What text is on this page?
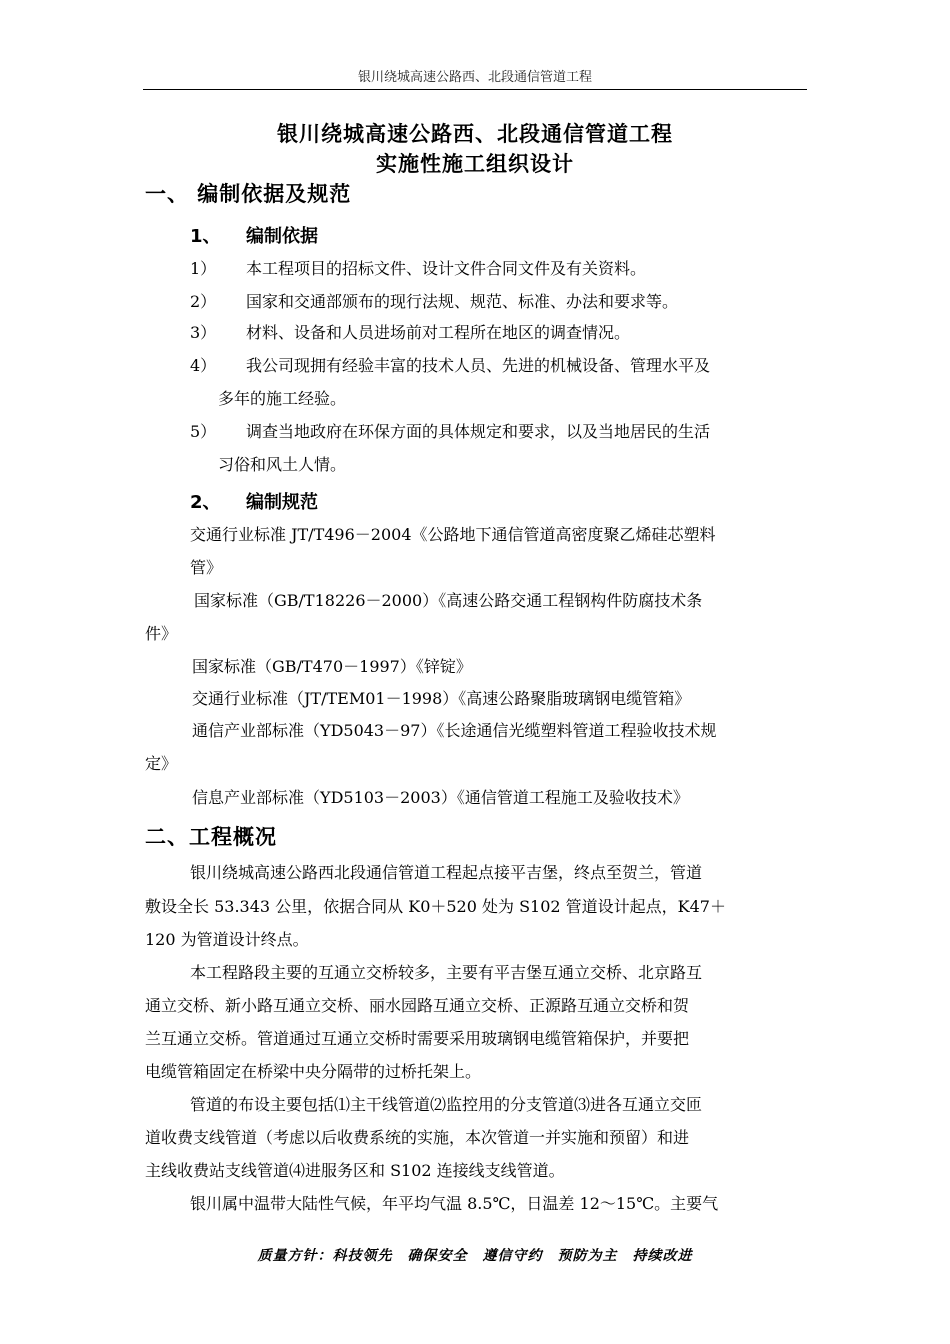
银川绕城高速公路西、北段通信管道工程
银川绕城高速公路西、北段通信管道工程
实施性施工组织设计
一、 编制依据及规范
1、 编制依据
1） 本工程项目的招标文件、设计文件合同文件及有关资料。
2） 国家和交通部颁布的现行法规、规范、标准、办法和要求等。
3） 材料、设备和人员进场前对工程所在地区的调查情况。
4） 我公司现拥有经验丰富的技术人员、先进的机械设备、管理水平及
多年的施工经验。
5） 调查当地政府在环保方面的具体规定和要求，以及当地居民的生活
习俗和风土人情。
2、 编制规范
交通行业标准 JT/T496－2004《公路地下通信管道高密度聚乙烯硅芯塑料
管》
国家标准（GB/T18226－2000）《高速公路交通工程钢构件防腐技术条
件》
国家标准（GB/T470－1997）《锌锭》
交通行业标准（JT/TEM01－1998）《高速公路聚脂玻璃钢电缆管箱》
通信产业部标准（YD5043－97）《长途通信光缆塑料管道工程验收技术规
定》
信息产业部标准（YD5103－2003）《通信管道工程施工及验收技术》
二、工程概况
银川绕城高速公路西北段通信管道工程起点接平吉堡，终点至贺兰，管道
敷设全长 53.343 公里，依据合同从 K0＋520 处为 S102 管道设计起点，K47＋
120 为管道设计终点。
本工程路段主要的互通立交桥较多，主要有平吉堡互通立交桥、北京路互
通立交桥、新小路互通立交桥、丽水园路互通立交桥、正源路互通立交桥和贺
兰互通立交桥。管道通过互通立交桥时需要采用玻璃钢电缆管箱保护，并要把
电缆管箱固定在桥梁中央分隔带的过桥托架上。
管道的布设主要包括⑴主干线管道⑵监控用的分支管道⑶进各互通立交匝
道收费支线管道（考虑以后收费系统的实施，本次管道一并实施和预留）和进
主线收费站支线管道⑷进服务区和 S102 连接线支线管道。
银川属中温带大陆性气候，年平均气温 8.5℃，日温差 12～15℃。主要气
质量方针：科技领先　确保安全　遵信守约　预防为主　持续改进
